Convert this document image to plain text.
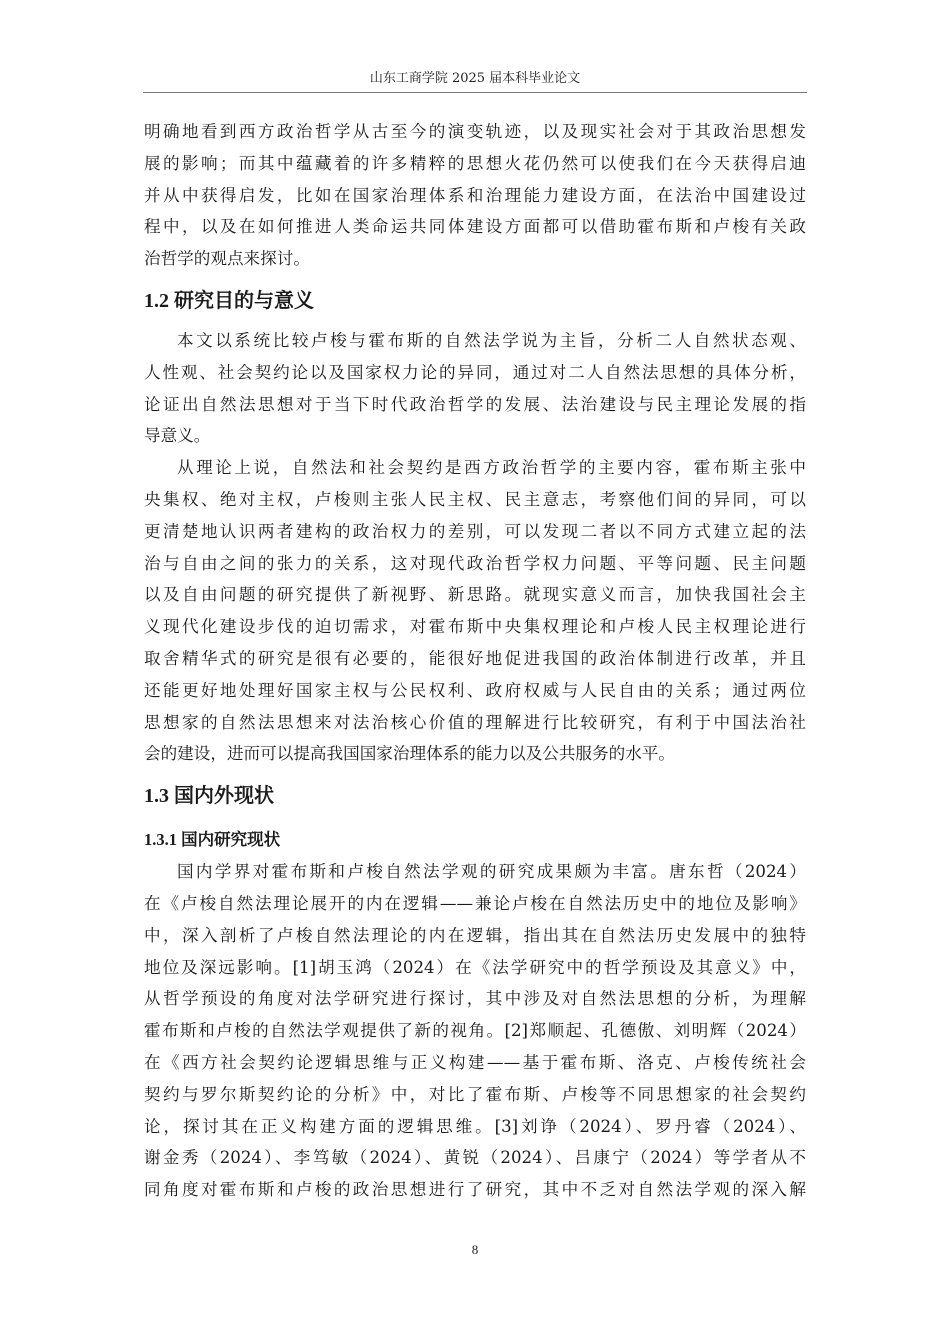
山东工商学院 2025 届本科毕业论文
明确地看到西方政治哲学从古至今的演变轨迹，以及现实社会对于其政治思想发
展的影响；而其中蕴藏着的许多精粹的思想火花仍然可以使我们在今天获得启迪
并从中获得启发，比如在国家治理体系和治理能力建设方面，在法治中国建设过
程中，以及在如何推进人类命运共同体建设方面都可以借助霍布斯和卢梭有关政
治哲学的观点来探讨。
1.2 研究目的与意义
本文以系统比较卢梭与霍布斯的自然法学说为主旨，分析二人自然状态观、
人性观、社会契约论以及国家权力论的异同，通过对二人自然法思想的具体分析，
论证出自然法思想对于当下时代政治哲学的发展、法治建设与民主理论发展的指
导意义。
从理论上说，自然法和社会契约是西方政治哲学的主要内容，霍布斯主张中
央集权、绝对主权，卢梭则主张人民主权、民主意志，考察他们间的异同，可以
更清楚地认识两者建构的政治权力的差别，可以发现二者以不同方式建立起的法
治与自由之间的张力的关系，这对现代政治哲学权力问题、平等问题、民主问题
以及自由问题的研究提供了新视野、新思路。就现实意义而言，加快我国社会主
义现代化建设步伐的迫切需求，对霍布斯中央集权理论和卢梭人民主权理论进行
取舍精华式的研究是很有必要的，能很好地促进我国的政治体制进行改革，并且
还能更好地处理好国家主权与公民权利、政府权威与人民自由的关系；通过两位
思想家的自然法思想来对法治核心价值的理解进行比较研究，有利于中国法治社
会的建设，进而可以提高我国国家治理体系的能力以及公共服务的水平。
1.3 国内外现状
1.3.1 国内研究现状
国内学界对霍布斯和卢梭自然法学观的研究成果颇为丰富。唐东哲（2024）
在《卢梭自然法理论展开的内在逻辑——兼论卢梭在自然法历史中的地位及影响》
中，深入剖析了卢梭自然法理论的内在逻辑，指出其在自然法历史发展中的独特
地位及深远影响。[1]胡玉鸿（2024）在《法学研究中的哲学预设及其意义》中，
从哲学预设的角度对法学研究进行探讨，其中涉及对自然法思想的分析，为理解
霍布斯和卢梭的自然法学观提供了新的视角。[2]郑顺起、孔德傲、刘明辉（2024）
在《西方社会契约论逻辑思维与正义构建——基于霍布斯、洛克、卢梭传统社会
契约与罗尔斯契约论的分析》中，对比了霍布斯、卢梭等不同思想家的社会契约
论，探讨其在正义构建方面的逻辑思维。[3]刘诤（2024）、罗丹睿（2024）、
谢金秀（2024）、李笃敏（2024）、黄锐（2024）、吕康宁（2024）等学者从不
同角度对霍布斯和卢梭的政治思想进行了研究，其中不乏对自然法学观的深入解
8
